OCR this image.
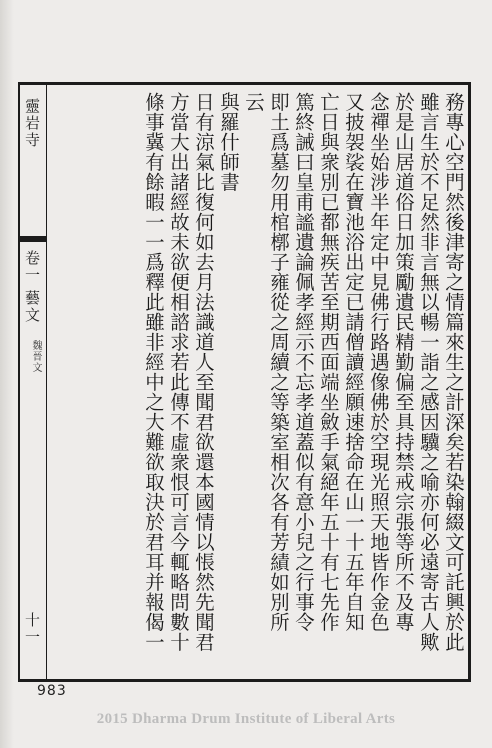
靈岩寺
卷一
藝文
魏晉文
十一	務專心空門然後津寄之情篇來生之計深矣若染翰綴文可託興於此
雖言生於不足然非言無以暢一詣之感因驥之喻亦何必遠寄古人歟
於是山居道俗日加策勵遺民精勤偏至具持禁戒宗張等所不及專
念禪坐始涉半年定中見佛行路遇像佛於空現光照天地皆作金色
又披袈裟在寶池浴出定已請僧讀經願速捨命在山一十五年自知
亡日與衆別已都無疾苦至期西面端坐斂手氣絕年五十有七先作
篤終誡曰皇甫謐遺論佩孝經示不忘孝道蓋似有意小兒之行事令
即土爲墓勿用棺槨子雍從之周續之等築室相次各有芳績如別所
云
與羅什師書
日有涼氣比復何如去月法識道人至聞君欲還本國情以悵然先聞君
方當大出諸經故未欲便相諮求若此傳不虛衆恨可言今輒略問數十
條事冀有餘暇一一爲釋此雖非經中之大難欲取決於君耳并報偈一
983
2015 Dharma Drum Institute of Liberal Arts
